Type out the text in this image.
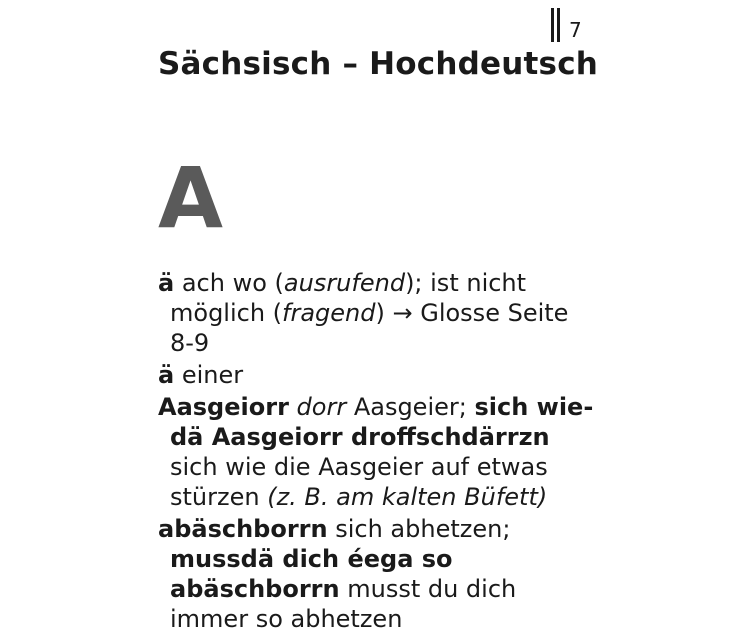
7
Sächsisch – Hochdeutsch
A
ä ach wo (ausrufend); ist nicht möglich (fragend) → Glosse Seite 8-9
ä einer
Aasgeiorr dorr Aasgeier; sich wie-dä Aasgeiorr droffschdärrzn sich wie die Aasgeier auf etwas stürzen (z. B. am kalten Büfett)
abäschborrn sich abhetzen; mussdä dich éega so abäschborrn musst du dich immer so abhetzen
